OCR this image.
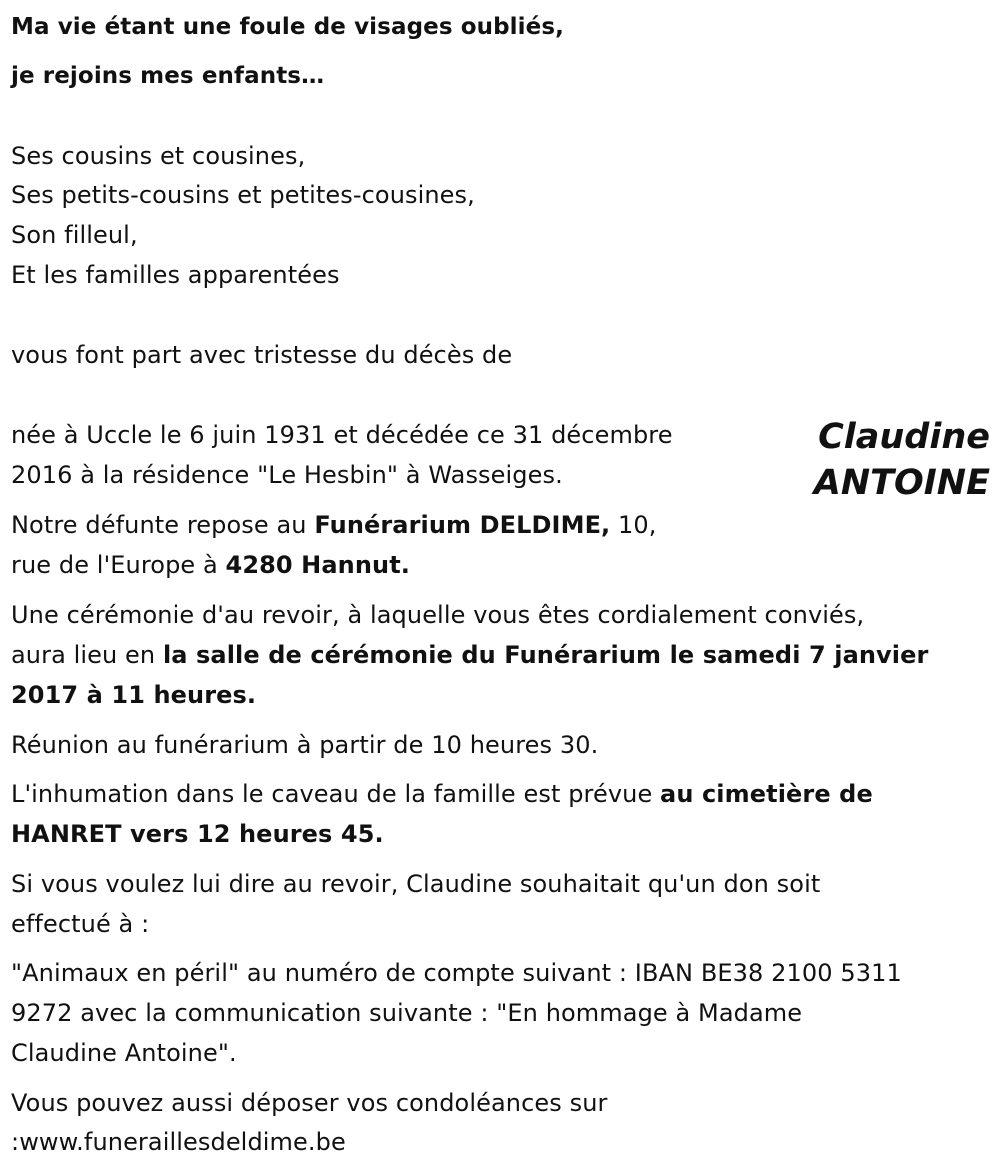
Ma vie étant une foule de visages oubliés,
je rejoins mes enfants…
Ses cousins et cousines,
Ses petits-cousins et petites-cousines,
Son filleul,
Et les familles apparentées
vous font part avec tristesse du décès de
Claudine
ANTOINE
née à Uccle le 6 juin 1931 et décédée ce 31 décembre
2016 à la résidence "Le Hesbin" à Wasseiges.
Notre défunte repose au Funérarium DELDIME, 10,
rue de l'Europe à 4280 Hannut.
Une cérémonie d'au revoir, à laquelle vous êtes cordialement conviés,
aura lieu en la salle de cérémonie du Funérarium le samedi 7 janvier
2017 à 11 heures.
Réunion au funérarium à partir de 10 heures 30.
L'inhumation dans le caveau de la famille est prévue au cimetière de
HANRET vers 12 heures 45.
Si vous voulez lui dire au revoir, Claudine souhaitait qu'un don soit
effectué à :
"Animaux en péril" au numéro de compte suivant : IBAN BE38 2100 5311
9272 avec la communication suivante : "En hommage à Madame
Claudine Antoine".
Vous pouvez aussi déposer vos condoléances sur
:www.funeraillesdeldime.be
